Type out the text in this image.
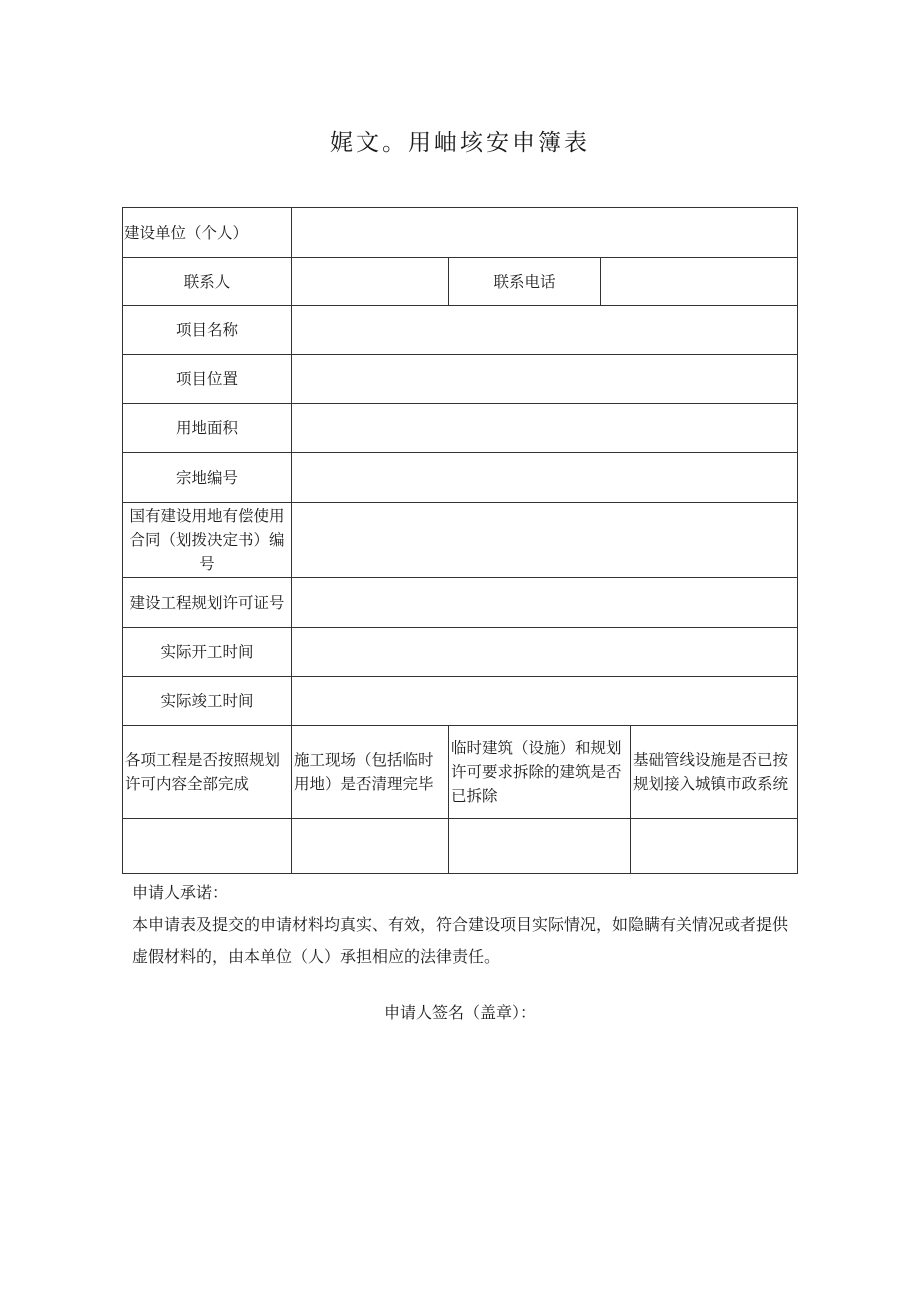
娓文。用岫垓安申簿表
建设单位（个人）
联系人	联系电话
项目名称
项目位置
用地面积
宗地编号
国有建设用地有偿使用合同（划拨决定书）编号
建设工程规划许可证号
实际开工时间
实际竣工时间
各项工程是否按照规划许可内容全部完成
施工现场（包括临时用地）是否清理完毕
临时建筑（设施）和规划许可要求拆除的建筑是否已拆除
基础管线设施是否已按规划接入城镇市政系统
申请人承诺：
本申请表及提交的申请材料均真实、有效，符合建设项目实际情况，如隐瞒有关情况或者提供虚假材料的，由本单位（人）承担相应的法律责任。
申请人签名（盖章）：
